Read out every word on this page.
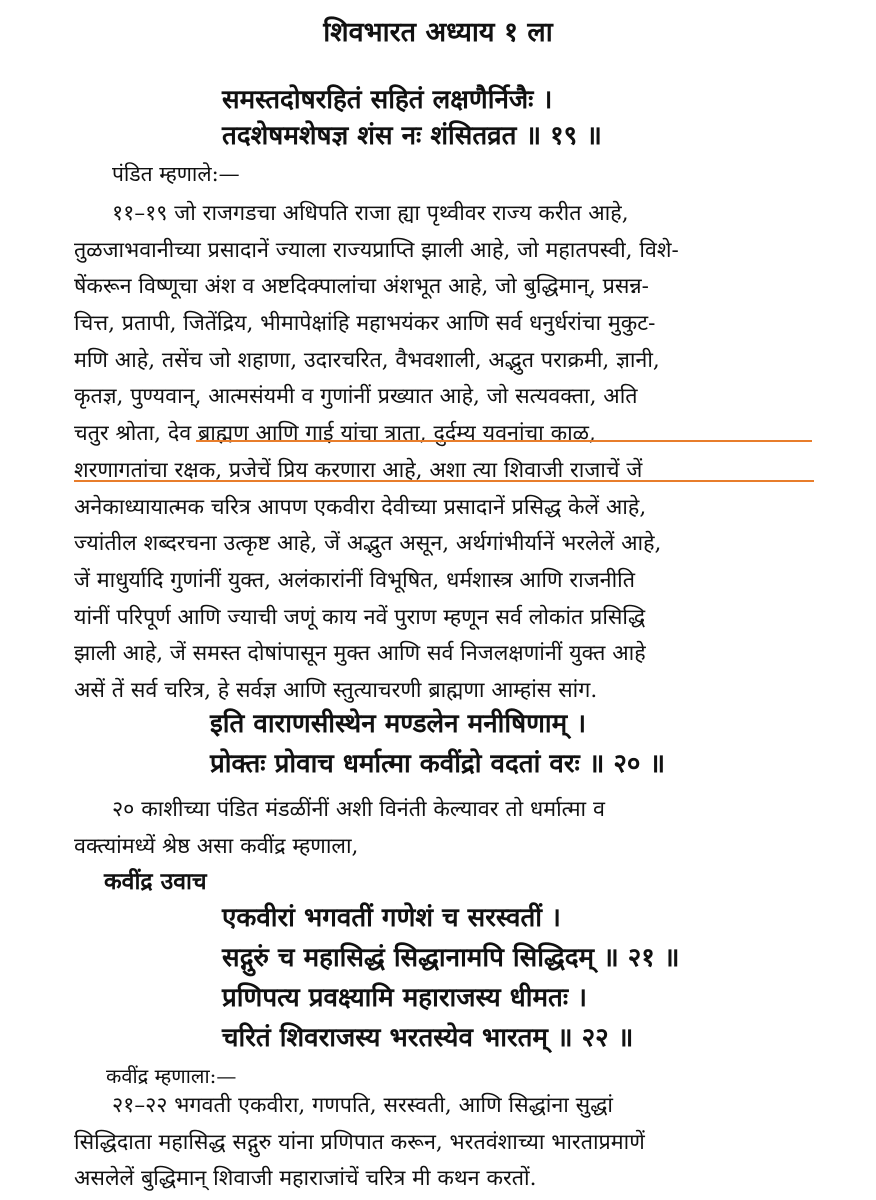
शिवभारत अध्याय १ ला
समस्तदोषरहितं सहितं लक्षणैर्निजैः ।
तदशेषमशेषज्ञ शंस नः शंसितव्रत ॥ १९ ॥
पंडित म्हणाले:—
११–१९ जो राजगडचा अधिपति राजा ह्या पृथ्वीवर राज्य करीत आहे,
तुळजाभवानीच्या प्रसादानें ज्याला राज्यप्राप्ति झाली आहे, जो महातपस्वी, विशे-
षेंकरून विष्णूचा अंश व अष्टदिक्पालांचा अंशभूत आहे, जो बुद्धिमान्, प्रसन्न-
चित्त, प्रतापी, जितेंद्रिय, भीमापेक्षांहि महाभयंकर आणि सर्व धनुर्धरांचा मुकुट-
मणि आहे, तसेंच जो शहाणा, उदारचरित, वैभवशाली, अद्भुत पराक्रमी, ज्ञानी,
कृतज्ञ, पुण्यवान्, आत्मसंयमी व गुणांनीं प्रख्यात आहे, जो सत्यवक्ता, अति
चतुर श्रोता, देव ब्राह्मण आणि गाई यांचा त्राता, दुर्दम्य यवनांचा काळ,
शरणागतांचा रक्षक, प्रजेचें प्रिय करणारा आहे, अशा त्या शिवाजी राजाचें जें
अनेकाध्यायात्मक चरित्र आपण एकवीरा देवीच्या प्रसादानें प्रसिद्ध केलें आहे,
ज्यांतील शब्दरचना उत्कृष्ट आहे, जें अद्भुत असून, अर्थगांभीर्यानें भरलेलें आहे,
जें माधुर्यादि गुणांनीं युक्त, अलंकारांनीं विभूषित, धर्मशास्त्र आणि राजनीति
यांनीं परिपूर्ण आणि ज्याची जणूं काय नवें पुराण म्हणून सर्व लोकांत प्रसिद्धि
झाली आहे, जें समस्त दोषांपासून मुक्त आणि सर्व निजलक्षणांनीं युक्त आहे
असें तें सर्व चरित्र, हे सर्वज्ञ आणि स्तुत्याचरणी ब्राह्मणा आम्हांस सांग.
इति वाराणसीस्थेन मण्डलेन मनीषिणाम् ।
प्रोक्तः प्रोवाच धर्मात्मा कवींद्रो वदतां वरः ॥ २० ॥
२० काशीच्या पंडित मंडळींनीं अशी विनंती केल्यावर तो धर्मात्मा व
वक्त्यांमध्यें श्रेष्ठ असा कवींद्र म्हणाला,
कवींद्र उवाच
एकवीरां भगवतीं गणेशं च सरस्वतीं ।
सद्गुरुं च महासिद्धं सिद्धानामपि सिद्धिदम् ॥ २१ ॥
प्रणिपत्य प्रवक्ष्यामि महाराजस्य धीमतः ।
चरितं शिवराजस्य भरतस्येव भारतम् ॥ २२ ॥
कवींद्र म्हणाला:—
२१–२२ भगवती एकवीरा, गणपति, सरस्वती, आणि सिद्धांना सुद्धां
सिद्धिदाता महासिद्ध सद्गुरु यांना प्रणिपात करून, भरतवंशाच्या भारताप्रमाणें
असलेलें बुद्धिमान् शिवाजी महाराजांचें चरित्र मी कथन करतों.
